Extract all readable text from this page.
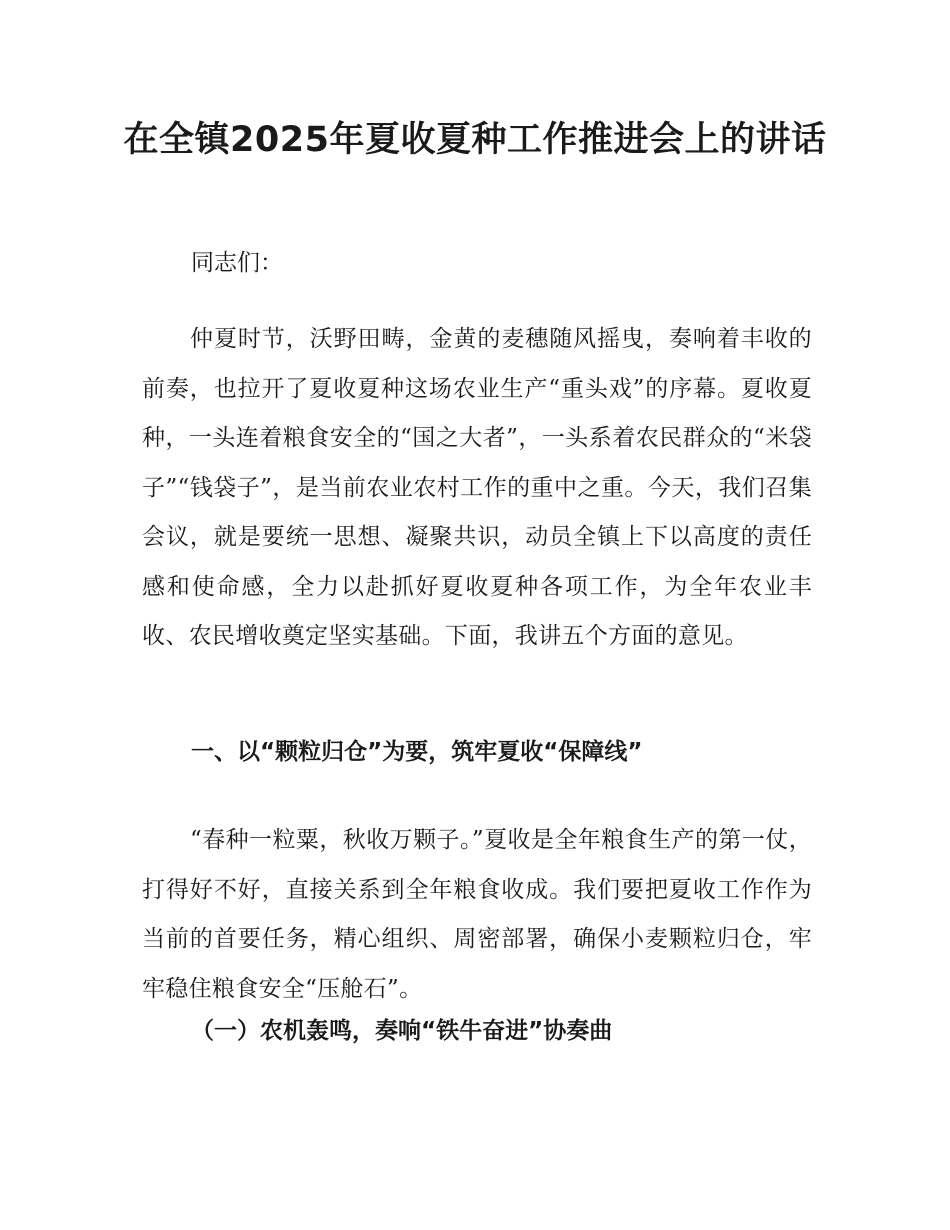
在全镇2025年夏收夏种工作推进会上的讲话

同志们：

仲夏时节，沃野田畴，金黄的麦穗随风摇曳，奏响着丰收的前奏，也拉开了夏收夏种这场农业生产“重头戏”的序幕。夏收夏种，一头连着粮食安全的“国之大者”，一头系着农民群众的“米袋子”“钱袋子”，是当前农业农村工作的重中之重。今天，我们召集会议，就是要统一思想、凝聚共识，动员全镇上下以高度的责任感和使命感，全力以赴抓好夏收夏种各项工作，为全年农业丰收、农民增收奠定坚实基础。下面，我讲五个方面的意见。

一、以“颗粒归仓”为要，筑牢夏收“保障线”

“春种一粒粟，秋收万颗子。”夏收是全年粮食生产的第一仗，打得好不好，直接关系到全年粮食收成。我们要把夏收工作作为当前的首要任务，精心组织、周密部署，确保小麦颗粒归仓，牢牢稳住粮食安全“压舱石”。

（一）农机轰鸣，奏响“铁牛奋进”协奏曲
